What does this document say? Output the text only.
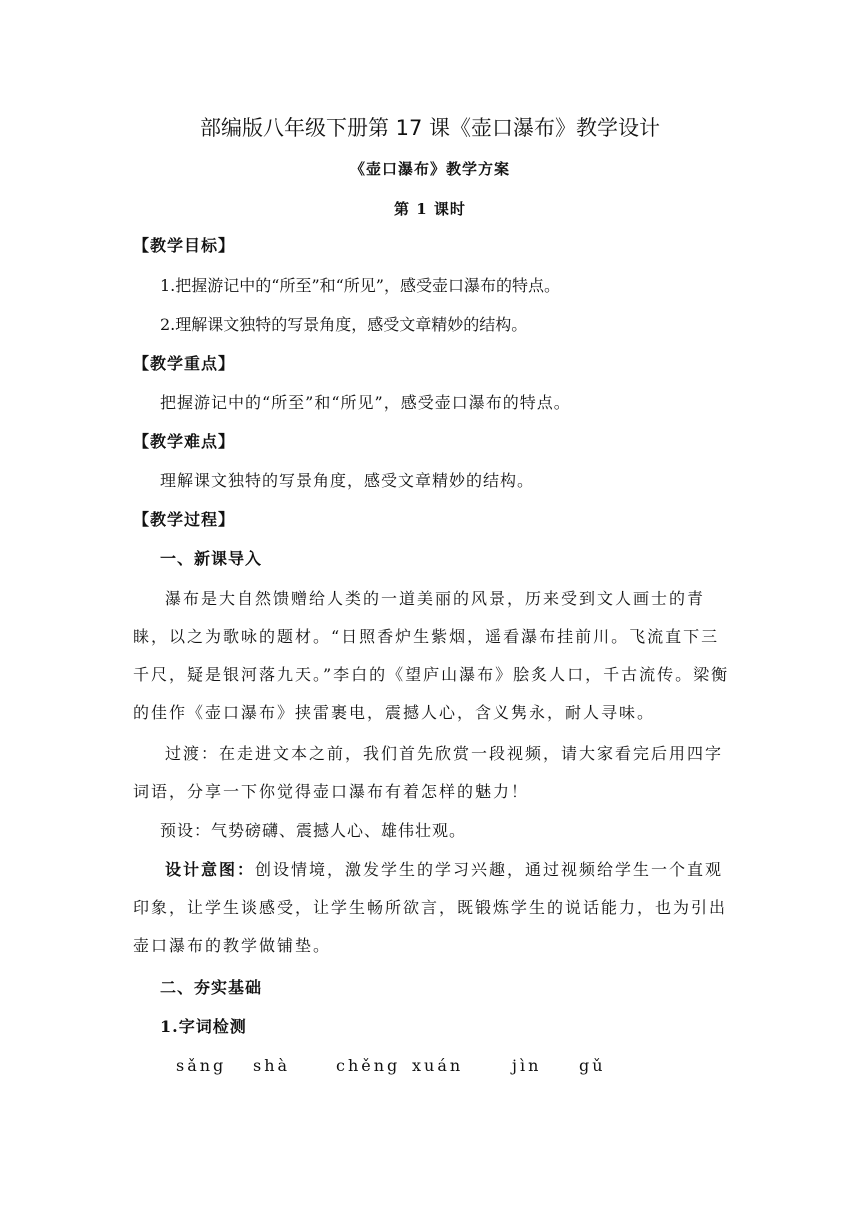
部编版八年级下册第 17 课《壶口瀑布》教学设计
《壶口瀑布》教学方案
第 1 课时
【教学目标】
1.把握游记中的“所至”和“所见”，感受壶口瀑布的特点。
2.理解课文独特的写景角度，感受文章精妙的结构。
【教学重点】
把握游记中的“所至”和“所见”，感受壶口瀑布的特点。
【教学难点】
理解课文独特的写景角度，感受文章精妙的结构。
【教学过程】
一、新课导入
瀑布是大自然馈赠给人类的一道美丽的风景，历来受到文人画士的青睐，以之为歌咏的题材。“日照香炉生紫烟，遥看瀑布挂前川。飞流直下三千尺，疑是银河落九天。”李白的《望庐山瀑布》脍炙人口，千古流传。梁衡的佳作《壶口瀑布》挟雷裹电，震撼人心，含义隽永，耐人寻味。
过渡：在走进文本之前，我们首先欣赏一段视频，请大家看完后用四字词语，分享一下你觉得壶口瀑布有着怎样的魅力！
预设：气势磅礴、震撼人心、雄伟壮观。
设计意图：创设情境，激发学生的学习兴趣，通过视频给学生一个直观印象，让学生谈感受，让学生畅所欲言，既锻炼学生的说话能力，也为引出壶口瀑布的教学做铺垫。
二、夯实基础
1.字词检测
sǎng shà	chěng xuán	jìn gǔ
